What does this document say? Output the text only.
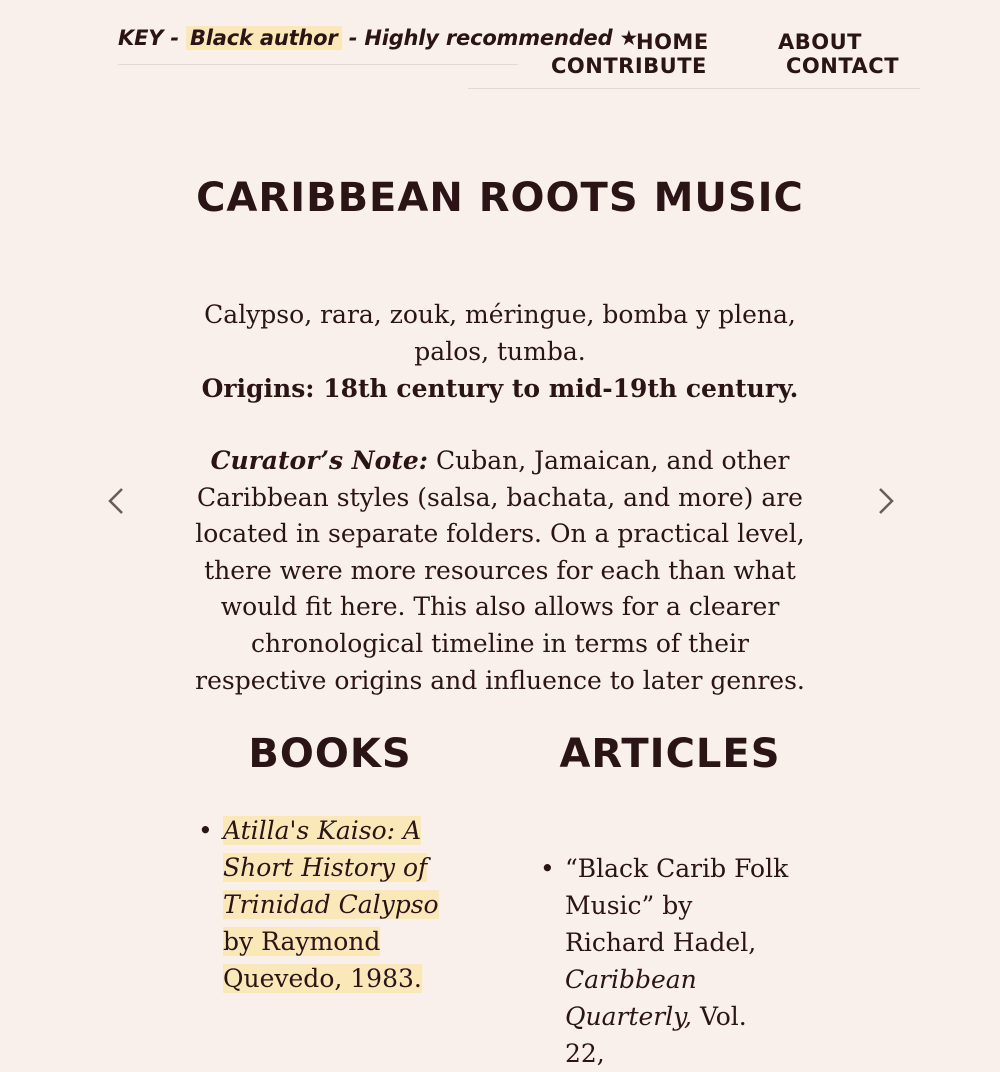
KEY - Black author - Highly recommended ★
HOME	ABOUT
CONTRIBUTE	CONTACT
CARIBBEAN ROOTS MUSIC
Calypso, rara, zouk, méringue, bomba y plena, palos, tumba.
Origins: 18th century to mid-19th century.
Curator’s Note: Cuban, Jamaican, and other Caribbean styles (salsa, bachata, and more) are located in separate folders. On a practical level, there were more resources for each than what would fit here. This also allows for a clearer chronological timeline in terms of their respective origins and influence to later genres.
BOOKS	ARTICLES
• Atilla's Kaiso: A Short History of Trinidad Calypso by Raymond Quevedo, 1983.
• “Black Carib Folk Music” by Richard Hadel, Caribbean Quarterly, Vol. 22,
